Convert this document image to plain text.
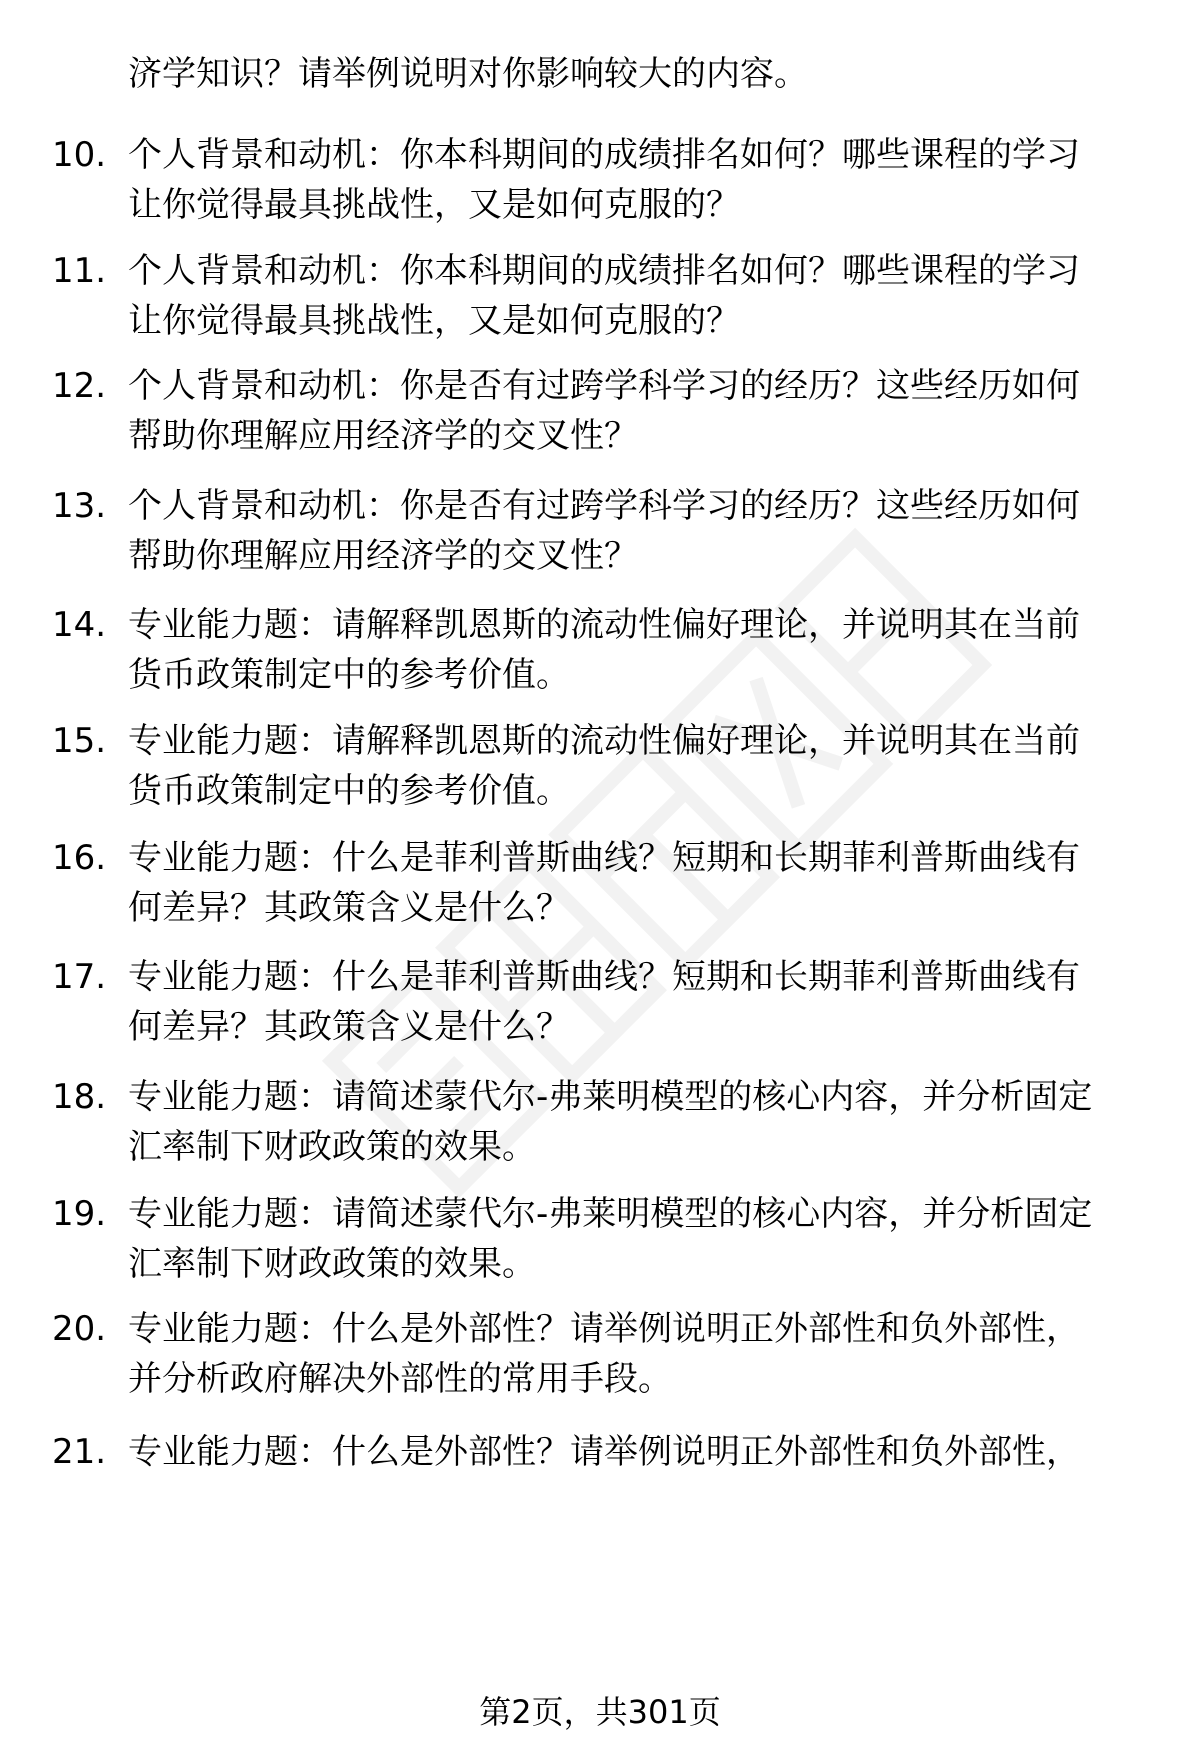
济学知识？请举例说明对你影响较大的内容。
10. 个人背景和动机：你本科期间的成绩排名如何？哪些课程的学习
让你觉得最具挑战性，又是如何克服的？
11. 个人背景和动机：你本科期间的成绩排名如何？哪些课程的学习
让你觉得最具挑战性，又是如何克服的？
12. 个人背景和动机：你是否有过跨学科学习的经历？这些经历如何
帮助你理解应用经济学的交叉性？
13. 个人背景和动机：你是否有过跨学科学习的经历？这些经历如何
帮助你理解应用经济学的交叉性？
14. 专业能力题：请解释凯恩斯的流动性偏好理论，并说明其在当前
货币政策制定中的参考价值。
15. 专业能力题：请解释凯恩斯的流动性偏好理论，并说明其在当前
货币政策制定中的参考价值。
16. 专业能力题：什么是菲利普斯曲线？短期和长期菲利普斯曲线有
何差异？其政策含义是什么？
17. 专业能力题：什么是菲利普斯曲线？短期和长期菲利普斯曲线有
何差异？其政策含义是什么？
18. 专业能力题：请简述蒙代尔-弗莱明模型的核心内容，并分析固定
汇率制下财政政策的效果。
19. 专业能力题：请简述蒙代尔-弗莱明模型的核心内容，并分析固定
汇率制下财政政策的效果。
20. 专业能力题：什么是外部性？请举例说明正外部性和负外部性，
并分析政府解决外部性的常用手段。
21. 专业能力题：什么是外部性？请举例说明正外部性和负外部性，
第2页，共301页
